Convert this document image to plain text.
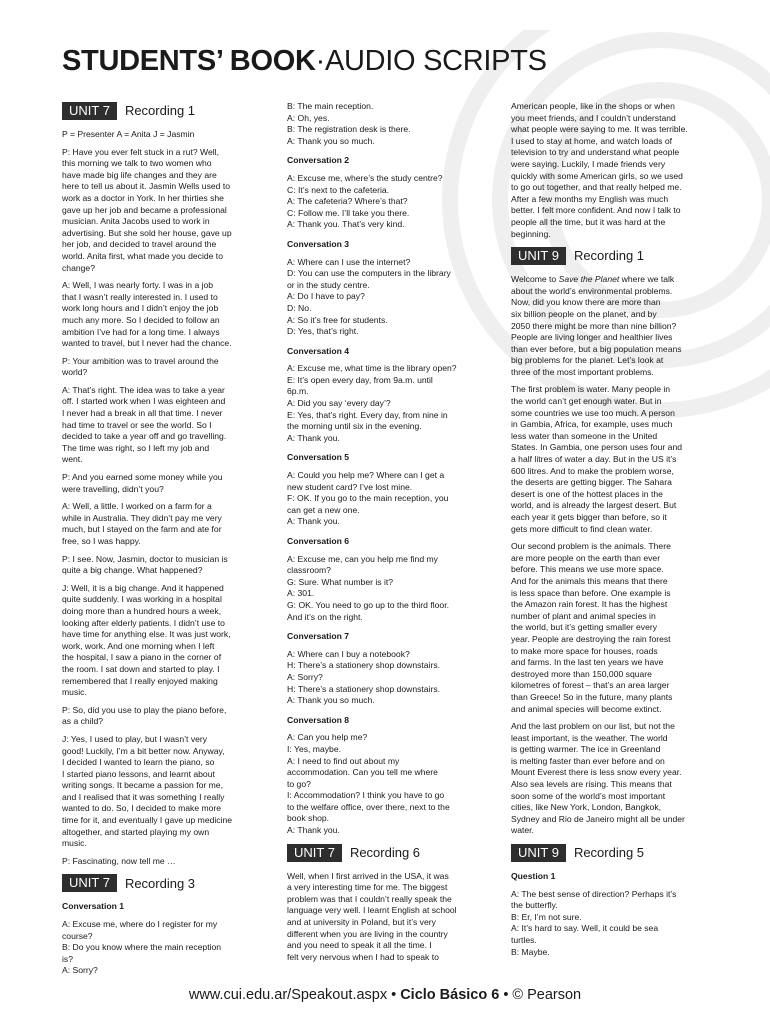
STUDENTS’ BOOK·AUDIO SCRIPTS
UNIT 7	Recording 1

P = Presenter A = Anita J = Jasmin

P: Have you ever felt stuck in a rut? Well,
this morning we talk to two women who
have made big life changes and they are
here to tell us about it. Jasmin Wells used to
work as a doctor in York. In her thirties she
gave up her job and became a professional
musician. Anita Jacobs used to work in
advertising. But she sold her house, gave up
her job, and decided to travel around the
world. Anita first, what made you decide to
change?

A: Well, I was nearly forty. I was in a job
that I wasn’t really interested in. I used to
work long hours and I didn’t enjoy the job
much any more. So I decided to follow an
ambition I’ve had for a long time. I always
wanted to travel, but I never had the chance.

P: Your ambition was to travel around the
world?

A: That’s right. The idea was to take a year
off. I started work when I was eighteen and
I never had a break in all that time. I never
had time to travel or see the world. So I
decided to take a year off and go travelling.
The time was right, so I left my job and
went.

P: And you earned some money while you
were travelling, didn’t you?

A: Well, a little. I worked on a farm for a
while in Australia. They didn’t pay me very
much, but I stayed on the farm and ate for
free, so I was happy.

P: I see. Now, Jasmin, doctor to musician is
quite a big change. What happened?

J: Well, it is a big change. And it happened
quite suddenly. I was working in a hospital
doing more than a hundred hours a week,
looking after elderly patients. I didn’t use to
have time for anything else. It was just work,
work, work. And one morning when I left
the hospital, I saw a piano in the corner of
the room. I sat down and started to play. I
remembered that I really enjoyed making
music.

P: So, did you use to play the piano before,
as a child?

J: Yes, I used to play, but I wasn’t very
good! Luckily, I’m a bit better now. Anyway,
I decided I wanted to learn the piano, so
I started piano lessons, and learnt about
writing songs. It became a passion for me,
and I realised that it was something I really
wanted to do. So, I decided to make more
time for it, and eventually I gave up medicine
altogether, and started playing my own
music.

P: Fascinating, now tell me …

UNIT 7	Recording 3
Conversation 1

A: Excuse me, where do I register for my
course?
B: Do you know where the main reception
is?
A: Sorry?

B: The main reception.
A: Oh, yes.
B: The registration desk is there.
A: Thank you so much.

Conversation 2

A: Excuse me, where’s the study centre?
C: It’s next to the cafeteria.
A: The cafeteria? Where’s that?
C: Follow me. I’ll take you there.
A: Thank you. That’s very kind.

Conversation 3

A: Where can I use the internet?
D: You can use the computers in the library
or in the study centre.
A: Do I have to pay?
D: No.
A: So it’s free for students.
D: Yes, that’s right.

Conversation 4

A: Excuse me, what time is the library open?
E: It’s open every day, from 9a.m. until
6p.m.
A: Did you say ‘every day’?
E: Yes, that’s right. Every day, from nine in
the morning until six in the evening.
A: Thank you.

Conversation 5

A: Could you help me? Where can I get a
new student card? I’ve lost mine.
F: OK. If you go to the main reception, you
can get a new one.
A: Thank you.

Conversation 6

A: Excuse me, can you help me find my
classroom?
G: Sure. What number is it?
A: 301.
G: OK. You need to go up to the third floor.
And it’s on the right.

Conversation 7

A: Where can I buy a notebook?
H: There’s a stationery shop downstairs.
A: Sorry?
H: There’s a stationery shop downstairs.
A: Thank you so much.

Conversation 8

A: Can you help me?
I: Yes, maybe.
A: I need to find out about my
accommodation. Can you tell me where
to go?
I: Accommodation? I think you have to go
to the welfare office, over there, next to the
book shop.
A: Thank you.

UNIT 7	Recording 6

Well, when I first arrived in the USA, it was
a very interesting time for me. The biggest
problem was that I couldn’t really speak the
language very well. I learnt English at school
and at university in Poland, but it’s very
different when you are living in the country
and you need to speak it all the time. I
felt very nervous when I had to speak to

American people, like in the shops or when
you meet friends, and I couldn’t understand
what people were saying to me. It was terrible.
I used to stay at home, and watch loads of
television to try and understand what people
were saying. Luckily, I made friends very
quickly with some American girls, so we used
to go out together, and that really helped me.
After a few months my English was much
better. I felt more confident. And now I talk to
people all the time, but it was hard at the
beginning.

UNIT 9	Recording 1

Welcome to Save the Planet where we talk
about the world’s environmental problems.
Now, did you know there are more than
six billion people on the planet, and by
2050 there might be more than nine billion?
People are living longer and healthier lives
than ever before, but a big population means
big problems for the planet. Let’s look at
three of the most important problems.

The first problem is water. Many people in
the world can’t get enough water. But in
some countries we use too much. A person
in Gambia, Africa, for example, uses much
less water than someone in the United
States. In Gambia, one person uses four and
a half litres of water a day. But in the US it’s
600 litres. And to make the problem worse,
the deserts are getting bigger. The Sahara
desert is one of the hottest places in the
world, and is already the largest desert. But
each year it gets bigger than before, so it
gets more difficult to find clean water.

Our second problem is the animals. There
are more people on the earth than ever
before. This means we use more space.
And for the animals this means that there
is less space than before. One example is
the Amazon rain forest. It has the highest
number of plant and animal species in
the world, but it’s getting smaller every
year. People are destroying the rain forest
to make more space for houses, roads
and farms. In the last ten years we have
destroyed more than 150,000 square
kilometres of forest – that’s an area larger
than Greece! So in the future, many plants
and animal species will become extinct.

And the last problem on our list, but not the
least important, is the weather. The world
is getting warmer. The ice in Greenland
is melting faster than ever before and on
Mount Everest there is less snow every year.
Also sea levels are rising. This means that
soon some of the world’s most important
cities, like New York, London, Bangkok,
Sydney and Rio de Janeiro might all be under
water.

UNIT 9	Recording 5
Question 1

A: The best sense of direction? Perhaps it’s
the butterfly.
B: Er, I’m not sure.
A: It’s hard to say. Well, it could be sea
turtles.
B: Maybe.

www.cui.edu.ar/Speakout.aspx • Ciclo Básico 6 • © Pearson
